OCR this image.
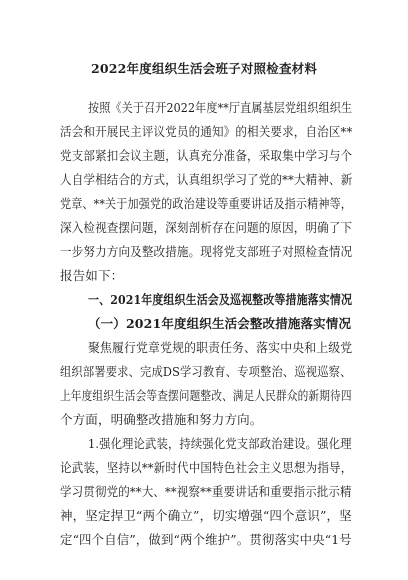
2022年度组织生活会班子对照检查材料
按照《关于召开2022年度**厅直属基层党组织组织生
活会和开展民主评议党员的通知》的相关要求，自治区**
党支部紧扣会议主题，认真充分准备，采取集中学习与个
人自学相结合的方式，认真组织学习了党的**大精神、新
党章、**关于加强党的政治建设等重要讲话及指示精神等，
深入检视查摆问题，深刻剖析存在问题的原因，明确了下
一步努力方向及整改措施。现将党支部班子对照检查情况
报告如下：
一、2021年度组织生活会及巡视整改等措施落实情况
（一）2021年度组织生活会整改措施落实情况
聚焦履行党章党规的职责任务、落实中央和上级党
组织部署要求、完成DS学习教育、专项整治、巡视巡察、
上年度组织生活会等查摆问题整改、满足人民群众的新期待四
个方面，明确整改措施和努力方向。
1.强化理论武装，持续强化党支部政治建设。强化理
论武装，坚持以**新时代中国特色社会主义思想为指导，
学习贯彻党的**大、**视察**重要讲话和重要指示批示精
神，坚定捍卫“两个确立”，切实增强“四个意识”，坚
定“四个自信”，做到“两个维护”。贯彻落实中央“1号
